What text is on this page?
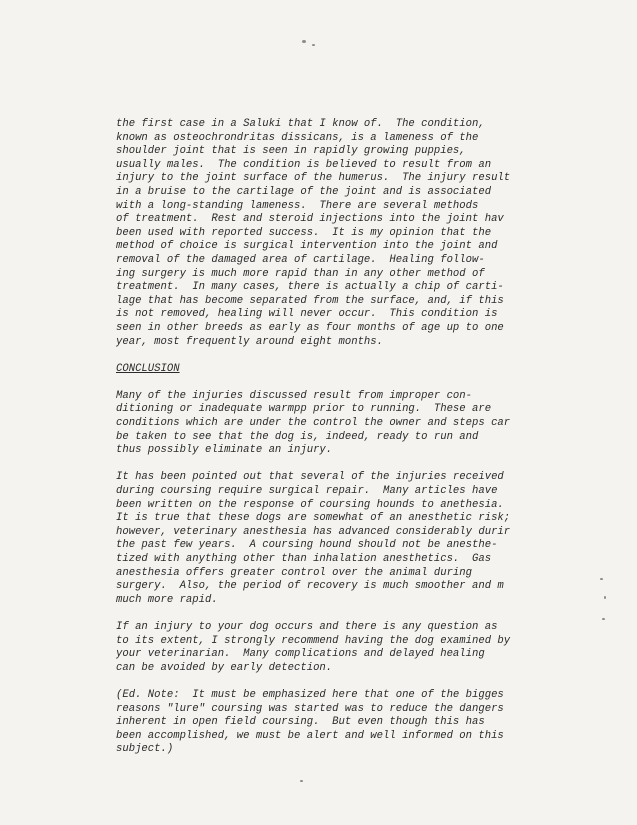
the first case in a Saluki that I know of.  The condition,
known as osteochrondritas dissicans, is a lameness of the
shoulder joint that is seen in rapidly growing puppies,
usually males.  The condition is believed to result from an
injury to the joint surface of the humerus.  The injury result
in a bruise to the cartilage of the joint and is associated
with a long-standing lameness.  There are several methods
of treatment.  Rest and steroid injections into the joint hav
been used with reported success.  It is my opinion that the
method of choice is surgical intervention into the joint and
removal of the damaged area of cartilage.  Healing follow-
ing surgery is much more rapid than in any other method of
treatment.  In many cases, there is actually a chip of carti-
lage that has become separated from the surface, and, if this
is not removed, healing will never occur.  This condition is
seen in other breeds as early as four months of age up to one
year, most frequently around eight months.
CONCLUSION
Many of the injuries discussed result from improper con-
ditioning or inadequate warmpp prior to running.  These are
conditions which are under the control the owner and steps car
be taken to see that the dog is, indeed, ready to run and
thus possibly eliminate an injury.
It has been pointed out that several of the injuries received
during coursing require surgical repair.  Many articles have
been written on the response of coursing hounds to anethesia.
It is true that these dogs are somewhat of an anesthetic risk;
however, veterinary anesthesia has advanced considerably durir
the past few years.  A coursing hound should not be anesthe-
tized with anything other than inhalation anesthetics.  Gas
anesthesia offers greater control over the animal during
surgery.  Also, the period of recovery is much smoother and m
much more rapid.
If an injury to your dog occurs and there is any question as
to its extent, I strongly recommend having the dog examined by
your veterinarian.  Many complications and delayed healing
can be avoided by early detection.
(Ed. Note:  It must be emphasized here that one of the bigges
reasons "lure" coursing was started was to reduce the dangers
inherent in open field coursing.  But even though this has
been accomplished, we must be alert and well informed on this
subject.)
